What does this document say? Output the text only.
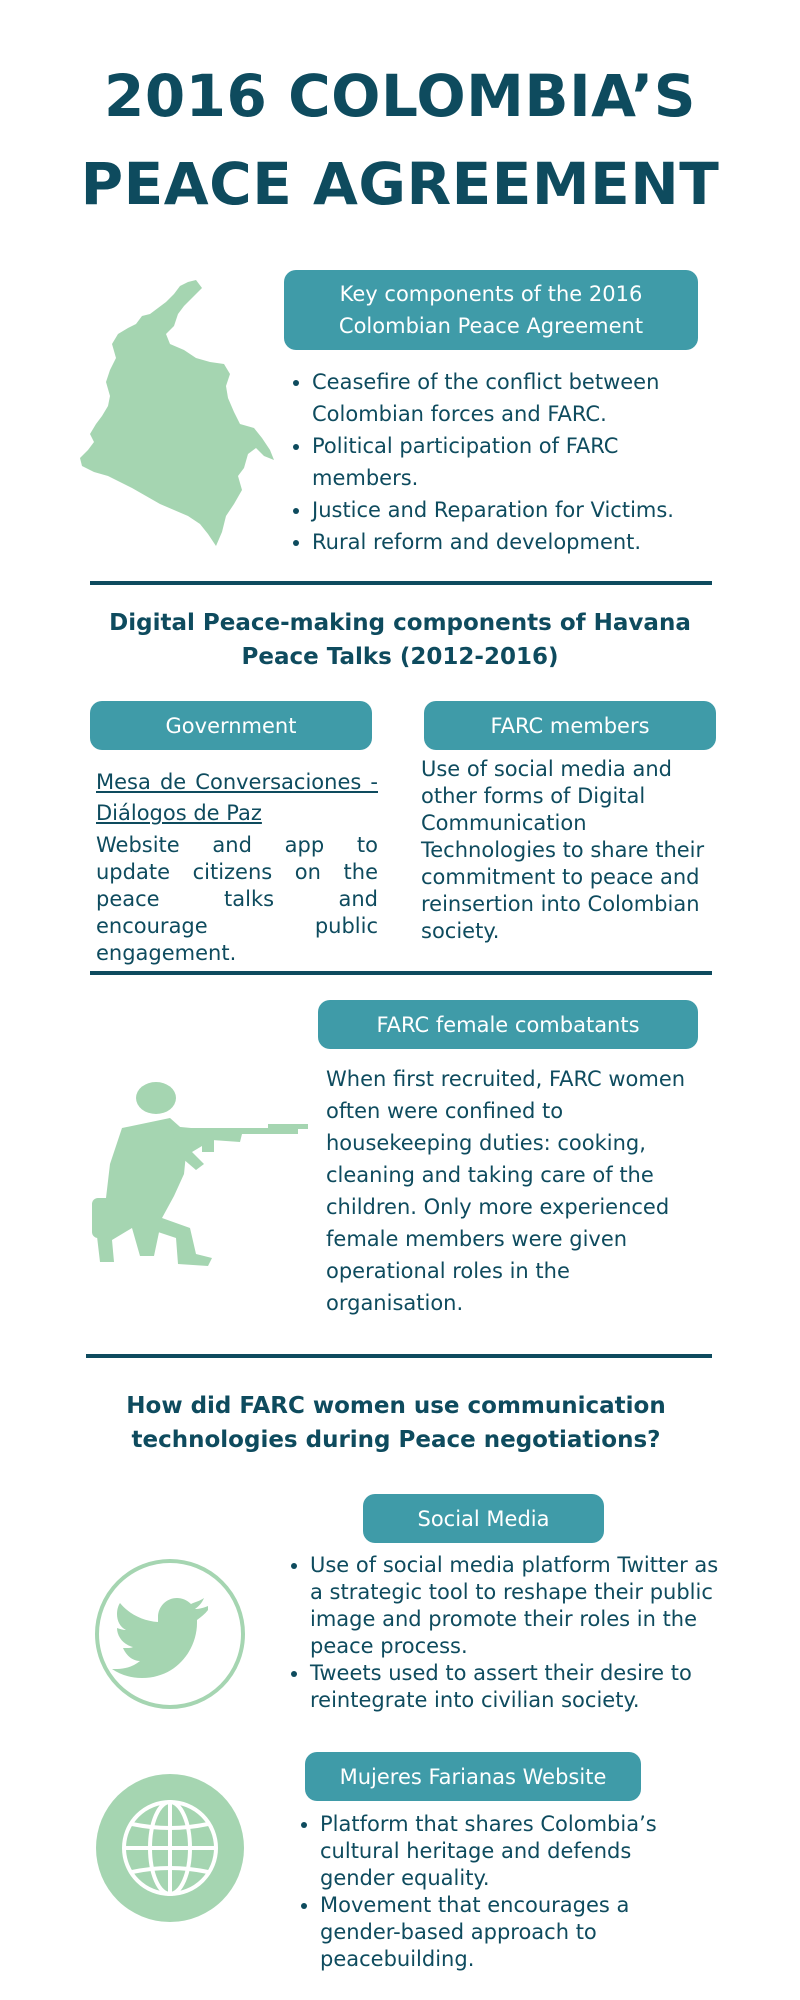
2016 COLOMBIA’S
PEACE AGREEMENT
Key components of the 2016 Colombian Peace Agreement
• Ceasefire of the conflict between Colombian forces and FARC.
• Political participation of FARC members.
• Justice and Reparation for Victims.
• Rural reform and development.
Digital Peace-making components of Havana Peace Talks (2012-2016)
Government	FARC members
Mesa de Conversaciones - Diálogos de Paz
Website and app to update citizens on the peace talks and encourage public engagement.
Use of social media and other forms of Digital Communication Technologies to share their commitment to peace and reinsertion into Colombian society.
FARC female combatants
When first recruited, FARC women often were confined to housekeeping duties: cooking, cleaning and taking care of the children. Only more experienced female members were given operational roles in the organisation.
How did FARC women use communication technologies during Peace negotiations?
Social Media
• Use of social media platform Twitter as a strategic tool to reshape their public image and promote their roles in the peace process.
• Tweets used to assert their desire to reintegrate into civilian society.
Mujeres Farianas Website
• Platform that shares Colombia’s cultural heritage and defends gender equality.
• Movement that encourages a gender-based approach to peacebuilding.
